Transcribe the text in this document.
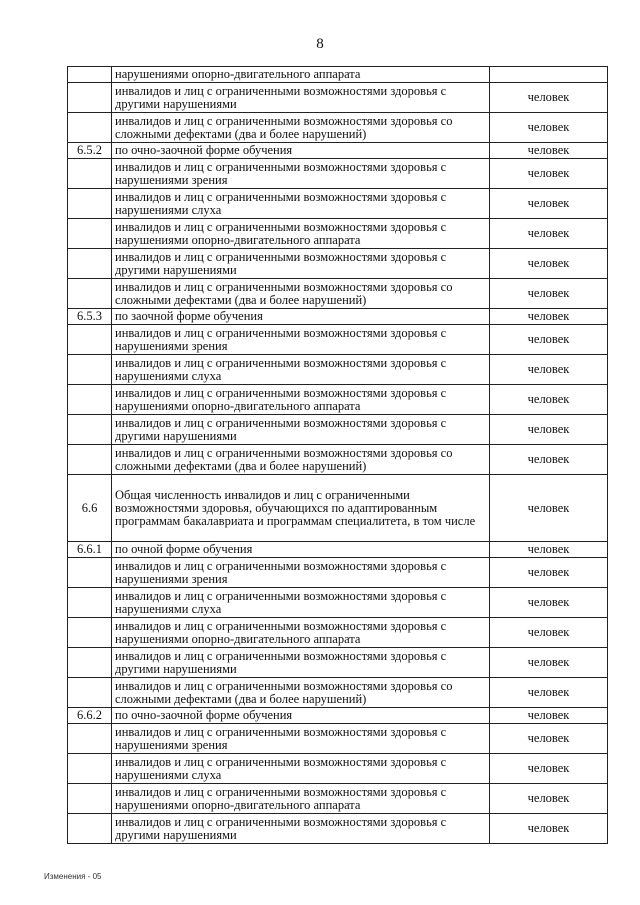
8
	нарушениями опорно-двигательного аппарата	
	инвалидов и лиц с ограниченными возможностями здоровья с другими нарушениями	человек
	инвалидов и лиц с ограниченными возможностями здоровья со сложными дефектами (два и более нарушений)	человек
6.5.2	по очно-заочной форме обучения	человек
	инвалидов и лиц с ограниченными возможностями здоровья с нарушениями зрения	человек
	инвалидов и лиц с ограниченными возможностями здоровья с нарушениями слуха	человек
	инвалидов и лиц с ограниченными возможностями здоровья с нарушениями опорно-двигательного аппарата	человек
	инвалидов и лиц с ограниченными возможностями здоровья с другими нарушениями	человек
	инвалидов и лиц с ограниченными возможностями здоровья со сложными дефектами (два и более нарушений)	человек
6.5.3	по заочной форме обучения	человек
	инвалидов и лиц с ограниченными возможностями здоровья с нарушениями зрения	человек
	инвалидов и лиц с ограниченными возможностями здоровья с нарушениями слуха	человек
	инвалидов и лиц с ограниченными возможностями здоровья с нарушениями опорно-двигательного аппарата	человек
	инвалидов и лиц с ограниченными возможностями здоровья с другими нарушениями	человек
	инвалидов и лиц с ограниченными возможностями здоровья со сложными дефектами (два и более нарушений)	человек
6.6	Общая численность инвалидов и лиц с ограниченными возможностями здоровья, обучающихся по адаптированным программам бакалавриата и программам специалитета, в том числе	человек
6.6.1	по очной форме обучения	человек
	инвалидов и лиц с ограниченными возможностями здоровья с нарушениями зрения	человек
	инвалидов и лиц с ограниченными возможностями здоровья с нарушениями слуха	человек
	инвалидов и лиц с ограниченными возможностями здоровья с нарушениями опорно-двигательного аппарата	человек
	инвалидов и лиц с ограниченными возможностями здоровья с другими нарушениями	человек
	инвалидов и лиц с ограниченными возможностями здоровья со сложными дефектами (два и более нарушений)	человек
6.6.2	по очно-заочной форме обучения	человек
	инвалидов и лиц с ограниченными возможностями здоровья с нарушениями зрения	человек
	инвалидов и лиц с ограниченными возможностями здоровья с нарушениями слуха	человек
	инвалидов и лиц с ограниченными возможностями здоровья с нарушениями опорно-двигательного аппарата	человек
	инвалидов и лиц с ограниченными возможностями здоровья с другими нарушениями	человек
Изменения - 05
